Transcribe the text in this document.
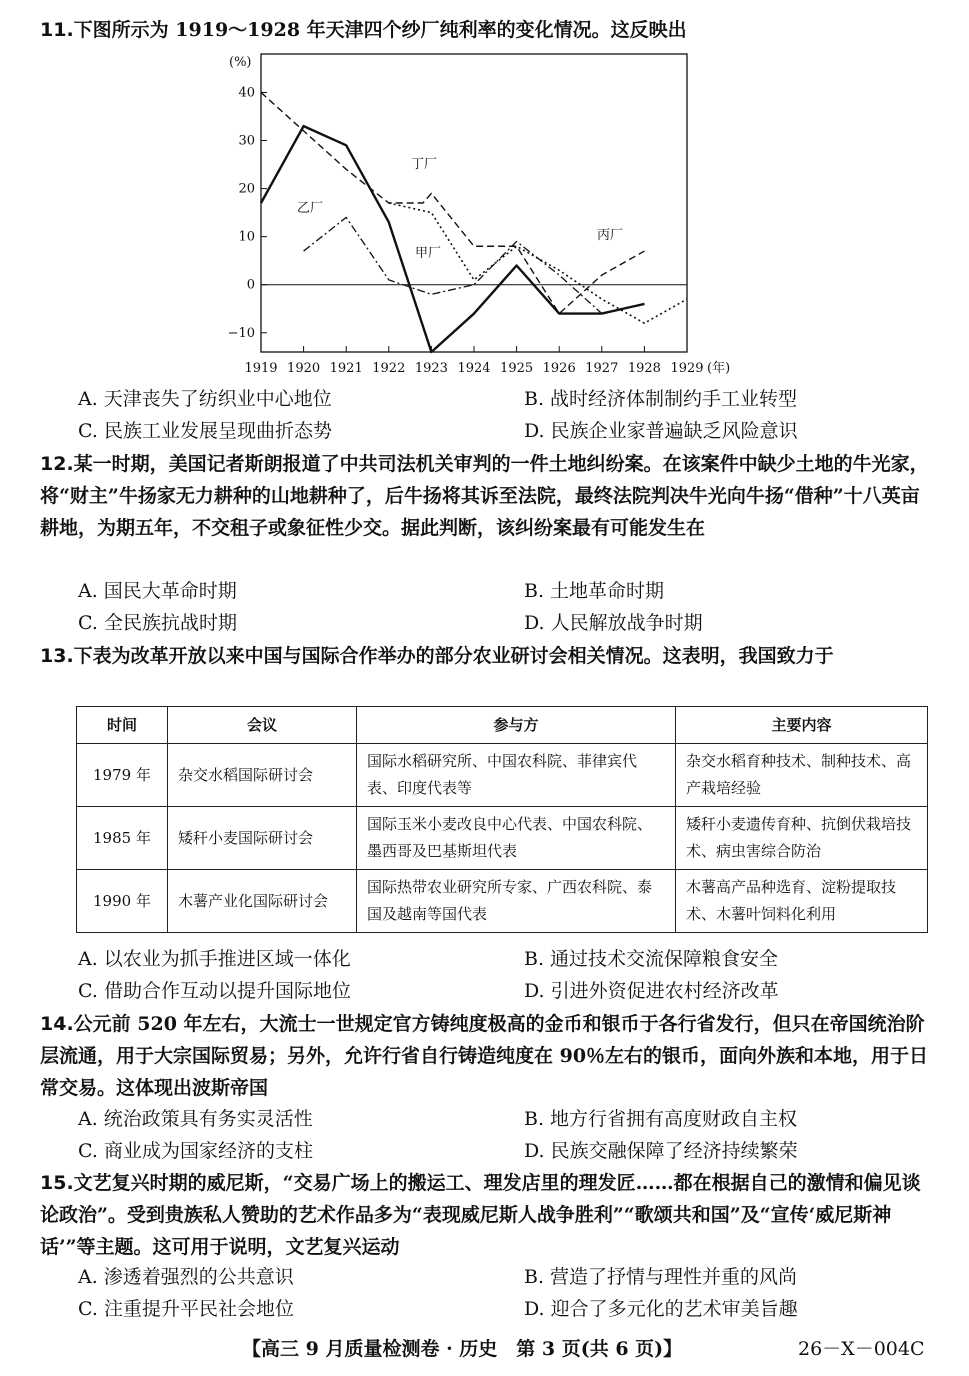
11.下图所示为 1919～1928 年天津四个纱厂纯利率的变化情况。这反映出
(%)
(年)
40
30
20
10
0
−10
1919 1920 1921 1922 1923 1924 1925 1926 1927 1928 1929
甲厂
乙厂
丙厂
丁厂
A. 天津丧失了纺织业中心地位	B. 战时经济体制制约手工业转型
C. 民族工业发展呈现曲折态势	D. 民族企业家普遍缺乏风险意识
12.某一时期，美国记者斯朗报道了中共司法机关审判的一件土地纠纷案。在该案件中缺少土地的牛光家，将“财主”牛扬家无力耕种的山地耕种了，后牛扬将其诉至法院，最终法院判决牛光向牛扬“借种”十八英亩耕地，为期五年，不交租子或象征性少交。据此判断，该纠纷案最有可能发生在
A. 国民大革命时期	B. 土地革命时期
C. 全民族抗战时期	D. 人民解放战争时期
13.下表为改革开放以来中国与国际合作举办的部分农业研讨会相关情况。这表明，我国致力于
时间	会议	参与方	主要内容
1979 年	杂交水稻国际研讨会	国际水稻研究所、中国农科院、菲律宾代表、印度代表等	杂交水稻育种技术、制种技术、高产栽培经验
1985 年	矮秆小麦国际研讨会	国际玉米小麦改良中心代表、中国农科院、墨西哥及巴基斯坦代表	矮秆小麦遗传育种、抗倒伏栽培技术、病虫害综合防治
1990 年	木薯产业化国际研讨会	国际热带农业研究所专家、广西农科院、泰国及越南等国代表	木薯高产品种选育、淀粉提取技术、木薯叶饲料化利用
A. 以农业为抓手推进区域一体化	B. 通过技术交流保障粮食安全
C. 借助合作互动以提升国际地位	D. 引进外资促进农村经济改革
14.公元前 520 年左右，大流士一世规定官方铸纯度极高的金币和银币于各行省发行，但只在帝国统治阶层流通，用于大宗国际贸易；另外，允许行省自行铸造纯度在 90％左右的银币，面向外族和本地，用于日常交易。这体现出波斯帝国
A. 统治政策具有务实灵活性	B. 地方行省拥有高度财政自主权
C. 商业成为国家经济的支柱	D. 民族交融保障了经济持续繁荣
15.文艺复兴时期的威尼斯，“交易广场上的搬运工、理发店里的理发匠……都在根据自己的激情和偏见谈论政治”。受到贵族私人赞助的艺术作品多为“表现威尼斯人战争胜利”“歌颂共和国”及“宣传‘威尼斯神话’”等主题。这可用于说明，文艺复兴运动
A. 渗透着强烈的公共意识	B. 营造了抒情与理性并重的风尚
C. 注重提升平民社会地位	D. 迎合了多元化的艺术审美旨趣
【高三 9 月质量检测卷 · 历史　第 3 页(共 6 页)】	26－X－004C
